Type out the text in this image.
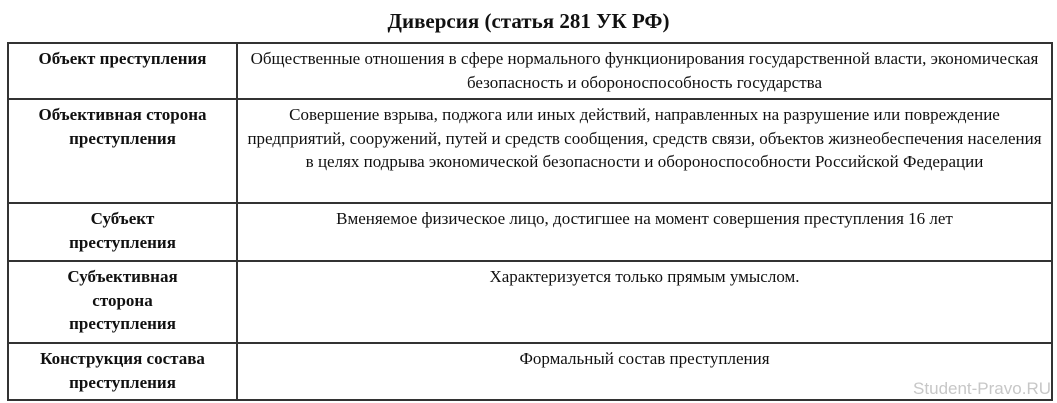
Диверсия (статья 281 УК РФ)
Объект преступления	Общественные отношения в сфере нормального функционирования государственной власти, экономическая безопасность и обороноспособность государства
Объективная сторона
преступления	Совершение взрыва, поджога или иных действий, направленных на разрушение или повреждение предприятий, сооружений, путей и средств сообщения, средств связи, объектов жизнеобеспечения населения в целях подрыва экономической безопасности и обороноспособности Российской Федерации
Субъект
преступления	Вменяемое физическое лицо, достигшее на момент совершения преступления 16 лет
Субъективная
сторона
преступления	Характеризуется только прямым умыслом.
Конструкция состава
преступления	Формальный состав преступления
Student-Pravo.RU
